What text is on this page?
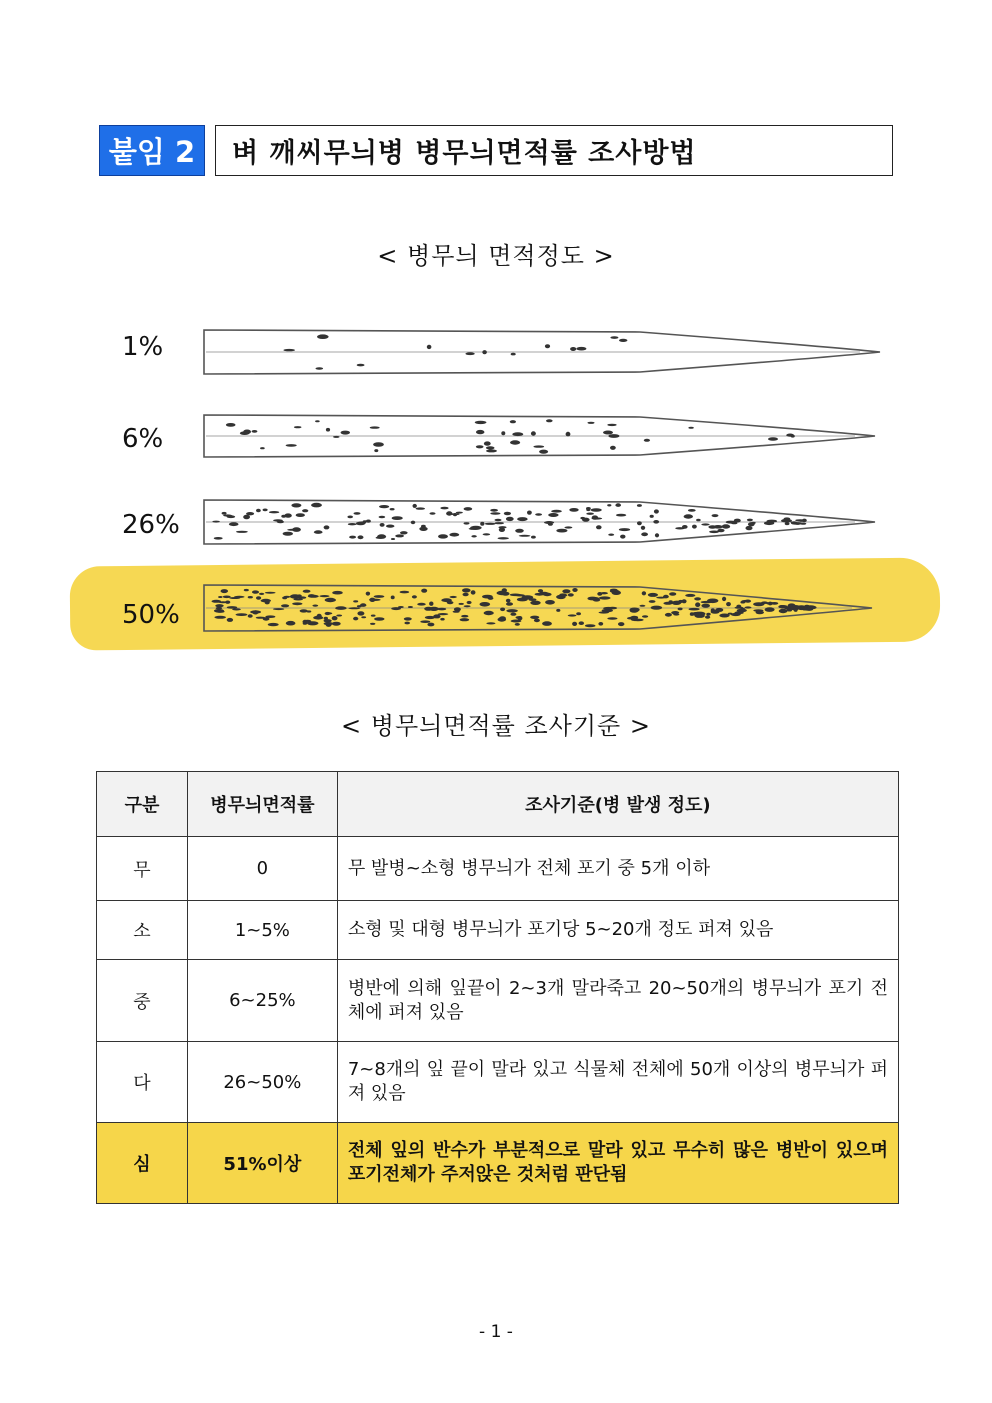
붙임 2	벼 깨씨무늬병 병무늬면적률 조사방법
< 병무늬 면적정도 >
1%
6%
26%
50%
< 병무늬면적률 조사기준 >
구분	병무늬면적률	조사기준(병 발생 정도)
무	0	무 발병~소형 병무늬가 전체 포기 중 5개 이하
소	1~5%	소형 및 대형 병무늬가 포기당 5~20개 정도 퍼져 있음
중	6~25%	병반에 의해 잎끝이 2~3개 말라죽고 20~50개의 병무늬가 포기 전체에 퍼져 있음
다	26~50%	7~8개의 잎 끝이 말라 있고 식물체 전체에 50개 이상의 병무늬가 퍼져 있음
심	51%이상	전체 잎의 반수가 부분적으로 말라 있고 무수히 많은 병반이 있으며 포기전체가 주저앉은 것처럼 판단됨
- 1 -
